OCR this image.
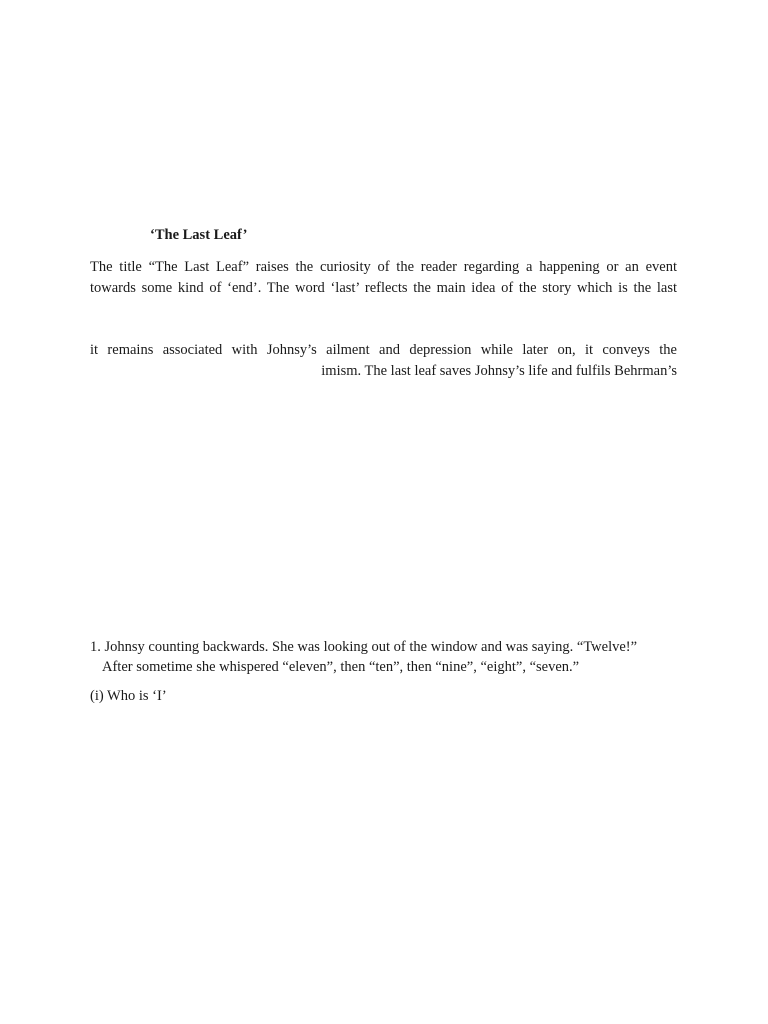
‘The Last Leaf’
The title “The Last Leaf” raises the curiosity of the reader regarding a happening or an event
towards some kind of ‘end’. The word ‘last’ reflects the main idea of the story which is the last
it remains associated with Johnsy’s ailment and depression while later on, it conveys the
imism. The last leaf saves Johnsy’s life and fulfils Behrman’s
1. Johnsy counting backwards. She was looking out of the window and was saying. “Twelve!”
After sometime she whispered “eleven”, then “ten”, then “nine”, “eight”, “seven.”
(i) Who is ‘I’
